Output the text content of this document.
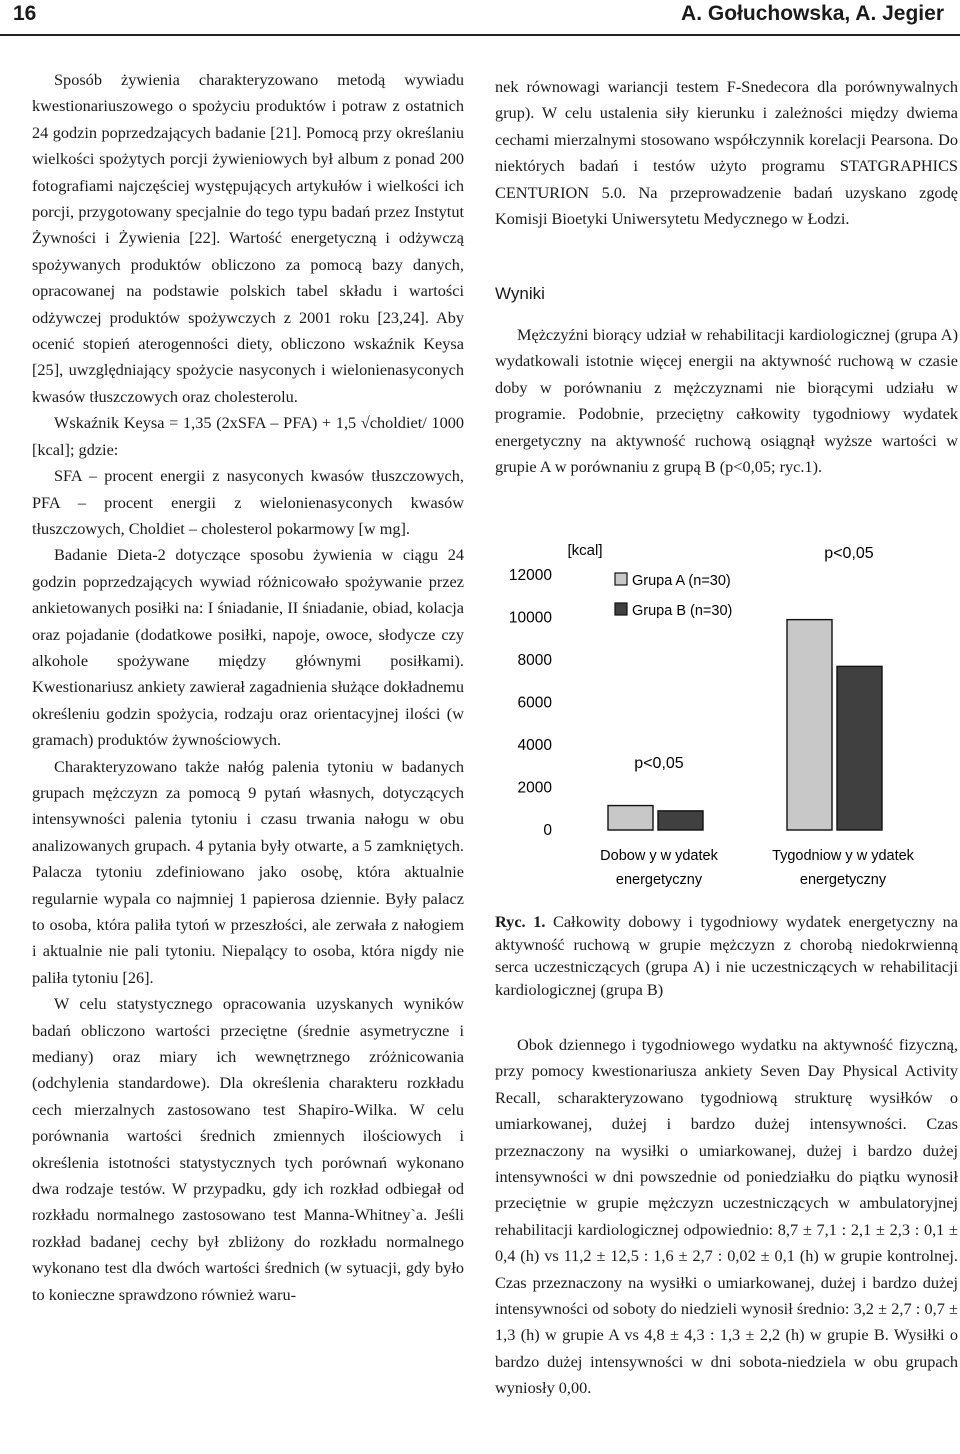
16	A. Gołuchowska, A. Jegier

Sposób żywienia charakteryzowano metodą wywiadu kwestionariuszowego o spożyciu produktów i potraw z ostatnich 24 godzin poprzedzających badanie [21]. Pomocą przy określaniu wielkości spożytych porcji żywieniowych był album z ponad 200 fotografiami najczęściej występujących artykułów i wielkości ich porcji, przygotowany specjalnie do tego typu badań przez Instytut Żywności i Żywienia [22]. Wartość energetyczną i odżywczą spożywanych produktów obliczono za pomocą bazy danych, opracowanej na podstawie polskich tabel składu i wartości odżywczej produktów spożywczych z 2001 roku [23,24]. Aby ocenić stopień aterogenności diety, obliczono wskaźnik Keysa [25], uwzględniający spożycie nasyconych i wielonienasyconych kwasów tłuszczowych oraz cholesterolu.

Wskaźnik Keysa = 1,35 (2xSFA – PFA) + 1,5 √choldiet/ 1000 [kcal]; gdzie:

SFA – procent energii z nasyconych kwasów tłuszczowych, PFA – procent energii z wielonienasyconych kwasów tłuszczowych, Choldiet – cholesterol pokarmowy [w mg].

Badanie Dieta-2 dotyczące sposobu żywienia w ciągu 24 godzin poprzedzających wywiad różnicowało spożywanie przez ankietowanych posiłki na: I śniadanie, II śniadanie, obiad, kolacja oraz pojadanie (dodatkowe posiłki, napoje, owoce, słodycze czy alkohole spożywane między głównymi posiłkami). Kwestionariusz ankiety zawierał zagadnienia służące dokładnemu określeniu godzin spożycia, rodzaju oraz orientacyjnej ilości (w gramach) produktów żywnościowych.

Charakteryzowano także nałóg palenia tytoniu w badanych grupach mężczyzn za pomocą 9 pytań własnych, dotyczących intensywności palenia tytoniu i czasu trwania nałogu w obu analizowanych grupach. 4 pytania były otwarte, a 5 zamkniętych. Palacza tytoniu zdefiniowano jako osobę, która aktualnie regularnie wypala co najmniej 1 papierosa dziennie. Były palacz to osoba, która paliła tytoń w przeszłości, ale zerwała z nałogiem i aktualnie nie pali tytoniu. Niepalący to osoba, która nigdy nie paliła tytoniu [26].

W celu statystycznego opracowania uzyskanych wyników badań obliczono wartości przeciętne (średnie asymetryczne i mediany) oraz miary ich wewnętrznego zróżnicowania (odchylenia standardowe). Dla określenia charakteru rozkładu cech mierzalnych zastosowano test Shapiro-Wilka. W celu porównania wartości średnich zmiennych ilościowych i określenia istotności statystycznych tych porównań wykonano dwa rodzaje testów. W przypadku, gdy ich rozkład odbiegał od rozkładu normalnego zastosowano test Manna-Whitney`a. Jeśli rozkład badanej cechy był zbliżony do rozkładu normalnego wykonano test dla dwóch wartości średnich (w sytuacji, gdy było to konieczne sprawdzono również waru-

nek równowagi wariancji testem F-Snedecora dla porównywalnych grup). W celu ustalenia siły kierunku i zależności między dwiema cechami mierzalnymi stosowano współczynnik korelacji Pearsona. Do niektórych badań i testów użyto programu STATGRAPHICS CENTURION 5.0. Na przeprowadzenie badań uzyskano zgodę Komisji Bioetyki Uniwersytetu Medycznego w Łodzi.

Wyniki

Mężczyźni biorący udział w rehabilitacji kardiologicznej (grupa A) wydatkowali istotnie więcej energii na aktywność ruchową w czasie doby w porównaniu z mężczyznami nie biorącymi udziału w programie. Podobnie, przeciętny całkowity tygodniowy wydatek energetyczny na aktywność ruchową osiągnął wyższe wartości w grupie A w porównaniu z grupą B (p<0,05; ryc.1).

[kcal]
0
2000
4000
6000
8000
10000
12000
Dobow y w ydatek
energetyczny
Tygodniow y w ydatek
energetyczny
Grupa A (n=30)
Grupa B (n=30)
p<0,05
p<0,05
Ryc. 1. Całkowity dobowy i tygodniowy wydatek energetyczny na aktywność ruchową w grupie mężczyzn z chorobą niedokrwienną serca uczestniczących (grupa A) i nie uczestniczących w rehabilitacji kardiologicznej (grupa B)

Obok dziennego i tygodniowego wydatku na aktywność fizyczną, przy pomocy kwestionariusza ankiety Seven Day Physical Activity Recall, scharakteryzowano tygodniową strukturę wysiłków o umiarkowanej, dużej i bardzo dużej intensywności. Czas przeznaczony na wysiłki o umiarkowanej, dużej i bardzo dużej intensywności w dni powszednie od poniedziałku do piątku wynosił przeciętnie w grupie mężczyzn uczestniczących w ambulatoryjnej rehabilitacji kardiologicznej odpowiednio: 8,7 ± 7,1 : 2,1 ± 2,3 : 0,1 ± 0,4 (h) vs 11,2 ± 12,5 : 1,6 ± 2,7 : 0,02 ± 0,1 (h) w grupie kontrolnej. Czas przeznaczony na wysiłki o umiarkowanej, dużej i bardzo dużej intensywności od soboty do niedzieli wynosił średnio: 3,2 ± 2,7 : 0,7 ± 1,3 (h) w grupie A vs 4,8 ± 4,3 : 1,3 ± 2,2 (h) w grupie B. Wysiłki o bardzo dużej intensywności w dni sobota-niedziela w obu grupach wyniosły 0,00.
